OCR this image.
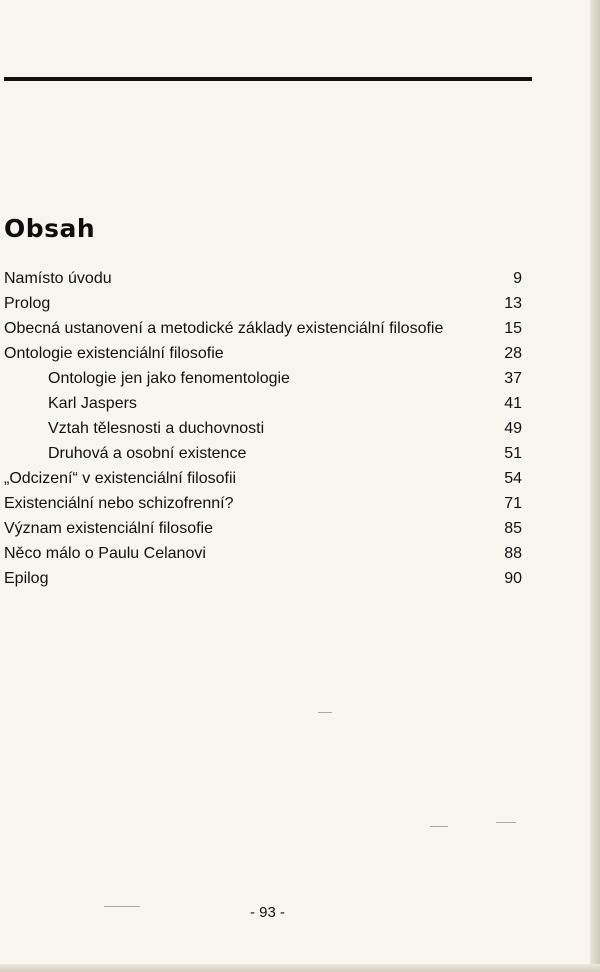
Obsah
Namísto úvodu	9
Prolog	13
Obecná ustanovení a metodické základy existenciální filosofie	15
Ontologie existenciální filosofie	28
Ontologie jen jako fenomentologie	37
Karl Jaspers	41
Vztah tělesnosti a duchovnosti	49
Druhová a osobní existence	51
„Odcizení“ v existenciální filosofii	54
Existenciální nebo schizofrenní?	71
Význam existenciální filosofie	85
Něco málo o Paulu Celanovi	88
Epilog	90
- 93 -
